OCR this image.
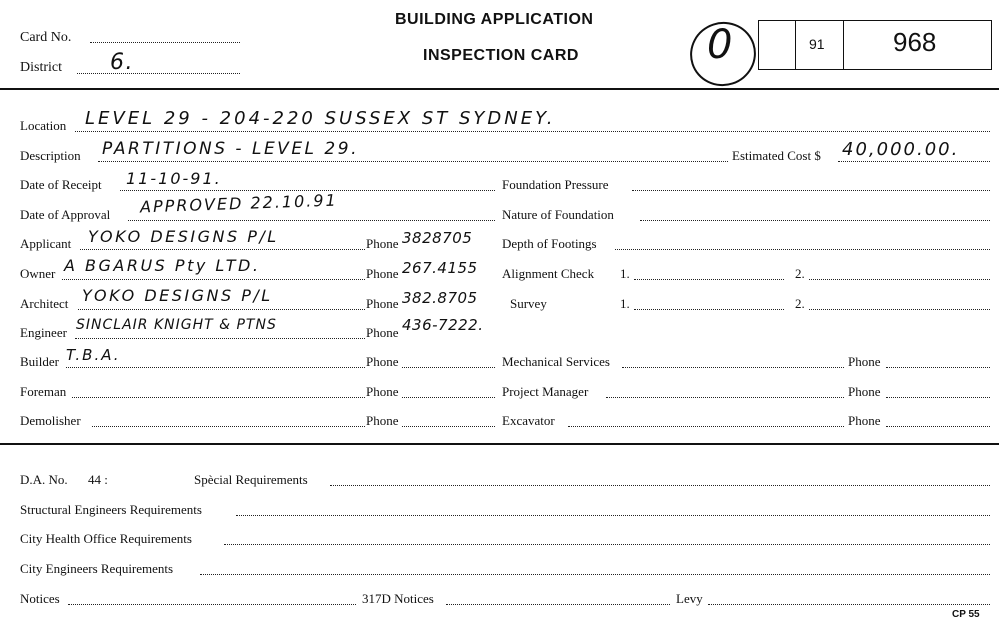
Card No.
District 6.
BUILDING APPLICATION
INSPECTION CARD	0	91	968
Location LEVEL 29 - 204-220 SUSSEX ST SYDNEY.
Description PARTITIONS - LEVEL 29.	Estimated Cost $ 40,000.00.
Date of Receipt 11-10-91.	Foundation Pressure
Date of Approval APPROVED 22.10.91	Nature of Foundation
Applicant YOKO DESIGNS P/L	Phone 3828705 Depth of Footings
Owner A BGARUS Pty LTD.	Phone 267.4155 Alignment Check 1.	2.
Architect YOKO DESIGNS P/L	Phone 382.8705 Survey	1.	2.
Engineer SINCLAIR KNIGHT & PTNS	Phone 436-7222.
Builder T.B.A.	Phone	Mechanical Services	Phone
Foreman	Phone	Project Manager	Phone
Demolisher	Phone	Excavator	Phone
D.A. No. 44 :	Spècial Requirements
Structural Engineers Requirements
City Health Office Requirements
City Engineers Requirements
Notices	317D Notices	Levy
CP 55
